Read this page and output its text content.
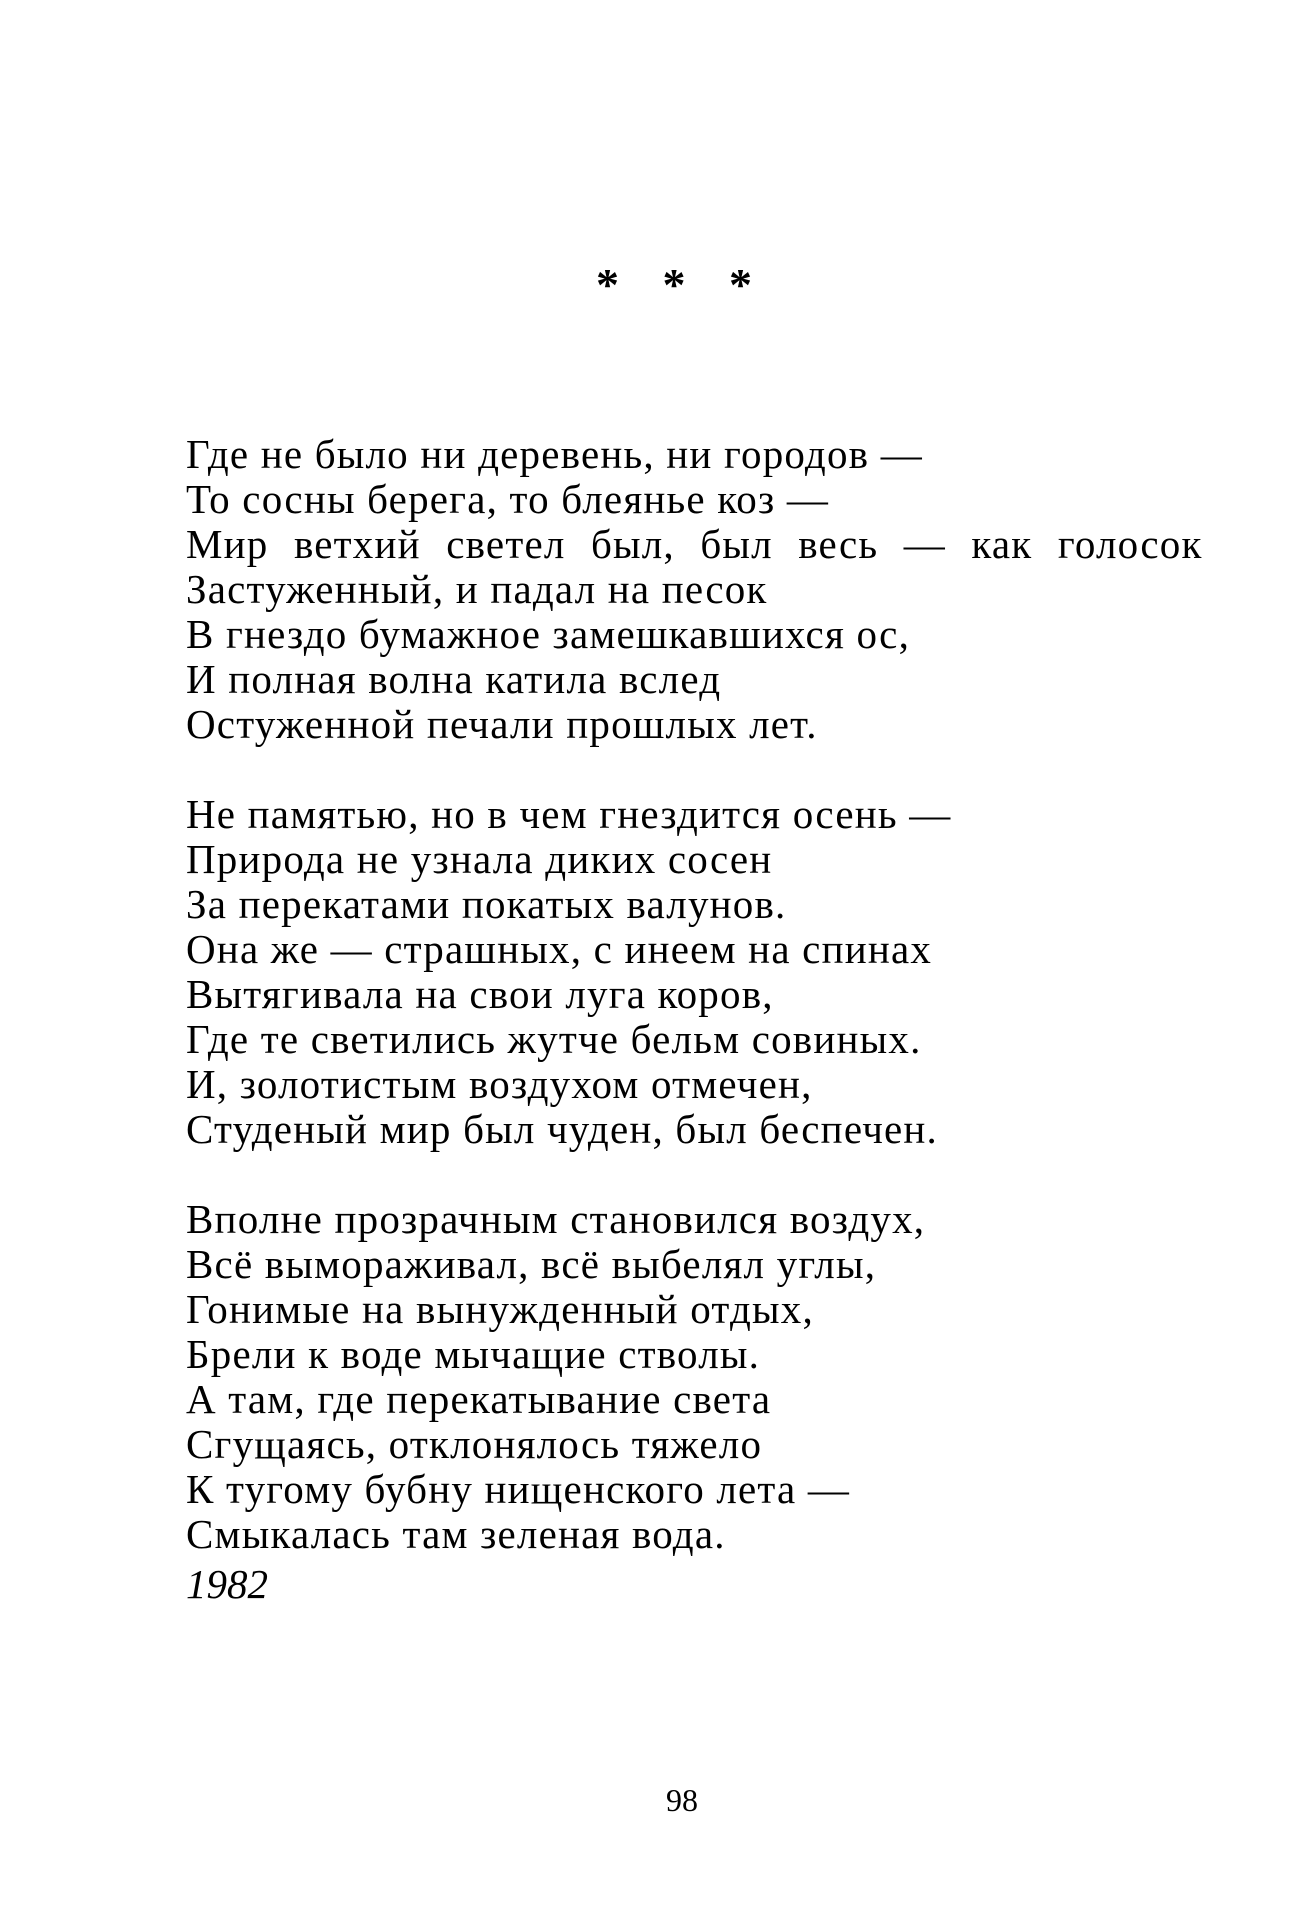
* * *
Где не было ни деревень, ни городов —
То сосны берега, то блеянье коз —
Мир ветхий светел был, был весь — как голосок
Застуженный, и падал на песок
В гнездо бумажное замешкавшихся ос,
И полная волна катила вслед
Остуженной печали прошлых лет.
Не памятью, но в чем гнездится осень —
Природа не узнала диких сосен
За перекатами покатых валунов.
Она же — страшных, с инеем на спинах
Вытягивала на свои луга коров,
Где те светились жутче бельм совиных.
И, золотистым воздухом отмечен,
Студеный мир был чуден, был беспечен.
Вполне прозрачным становился воздух,
Всё вымораживал, всё выбелял углы,
Гонимые на вынужденный отдых,
Брели к воде мычащие стволы.
А там, где перекатывание света
Сгущаясь, отклонялось тяжело
К тугому бубну нищенского лета —
Смыкалась там зеленая вода.
1982
98
